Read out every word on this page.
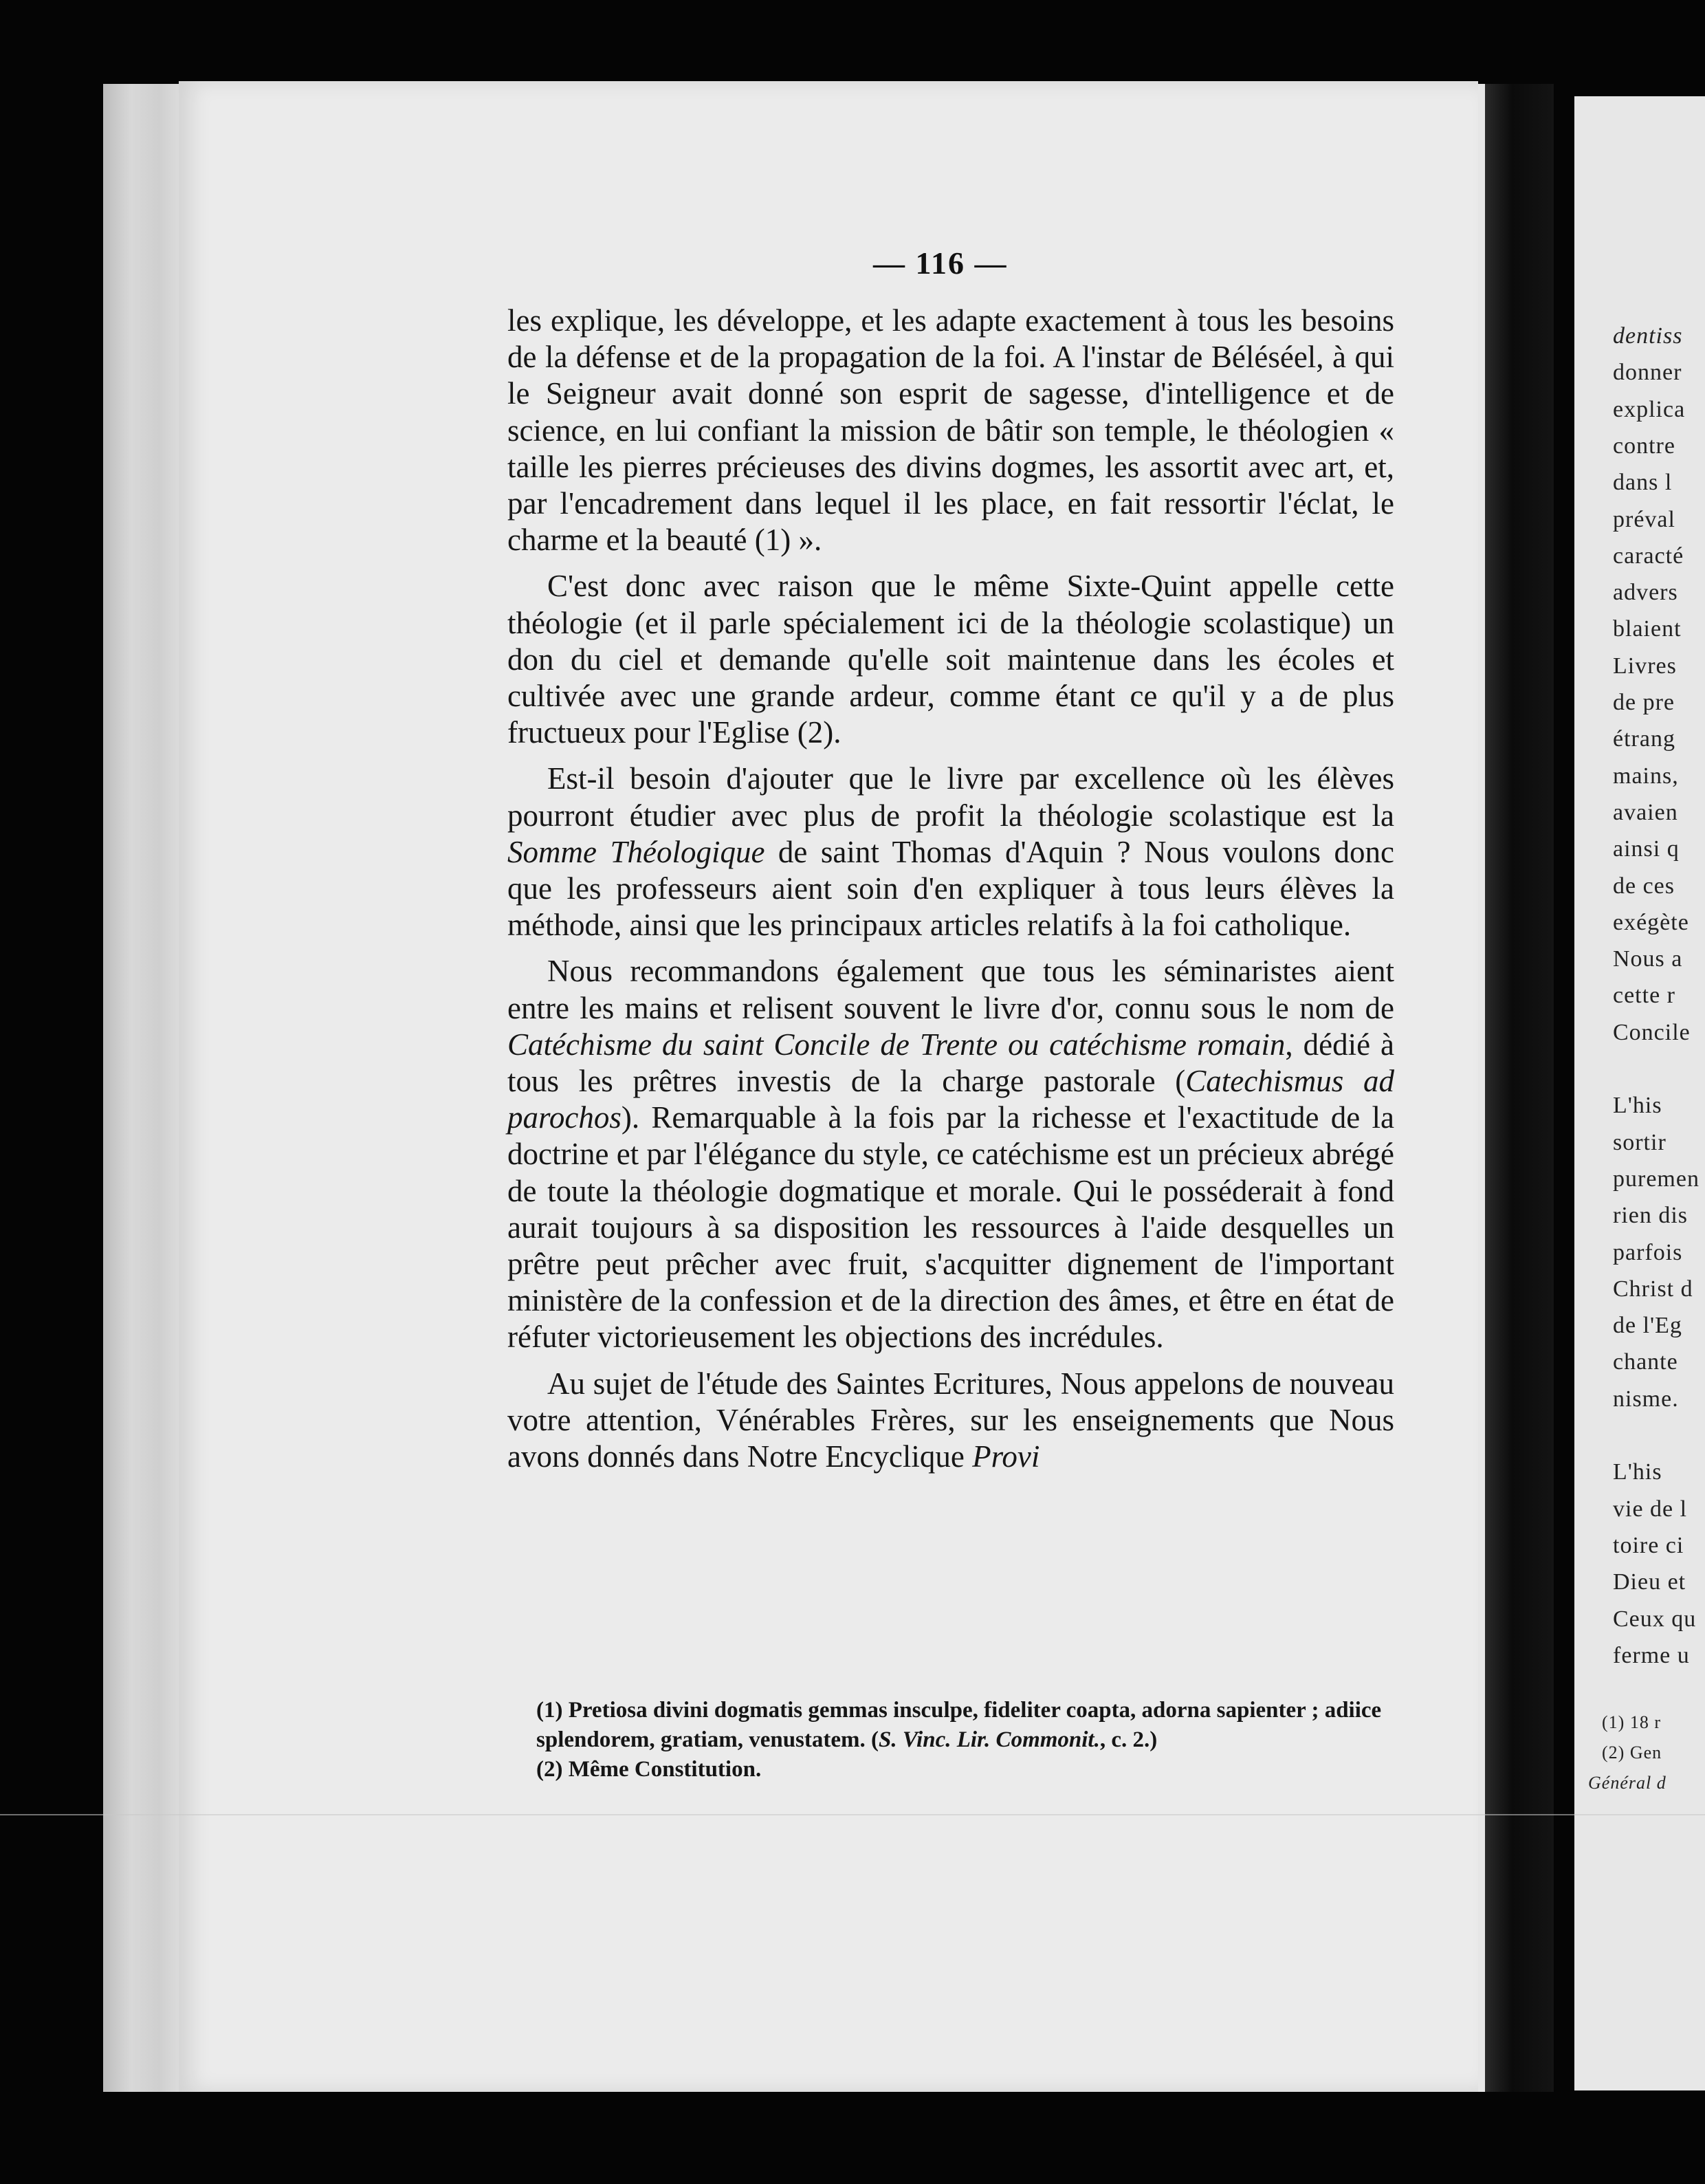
dentiss
donner
explica
contre
dans l
préval
caracté
advers
blaient
Livres
de pre
étrang
mains,
avaien
ainsi q
de ces
exégète
Nous a
cette r
Concile
L'his
sortir
puremen
rien dis
parfois
Christ d
de l'Eg
chante
nisme.
L'his
vie de l
toire ci
Dieu et
Ceux qu
ferme u
(1) 18 r
(2) Gen
Général d
— 116 —

les explique, les développe, et les adapte exactement à tous les besoins de la défense et de la propagation de la foi. A l'instar de Béléséel, à qui le Seigneur avait donné son esprit de sagesse, d'intelligence et de science, en lui confiant la mission de bâtir son temple, le théologien « taille les pierres précieuses des divins dogmes, les assortit avec art, et, par l'encadrement dans lequel il les place, en fait ressortir l'éclat, le charme et la beauté (1) ».

C'est donc avec raison que le même Sixte-Quint appelle cette théologie (et il parle spécialement ici de la théologie scolastique) un don du ciel et demande qu'elle soit maintenue dans les écoles et cultivée avec une grande ardeur, comme étant ce qu'il y a de plus fructueux pour l'Eglise (2).

Est-il besoin d'ajouter que le livre par excellence où les élèves pourront étudier avec plus de profit la théologie scolastique est la Somme Théologique de saint Thomas d'Aquin ? Nous voulons donc que les professeurs aient soin d'en expliquer à tous leurs élèves la méthode, ainsi que les principaux articles relatifs à la foi catholique.

Nous recommandons également que tous les séminaristes aient entre les mains et relisent souvent le livre d'or, connu sous le nom de Catéchisme du saint Concile de Trente ou catéchisme romain, dédié à tous les prêtres investis de la charge pastorale (Catechismus ad parochos). Remarquable à la fois par la richesse et l'exactitude de la doctrine et par l'élégance du style, ce catéchisme est un précieux abrégé de toute la théologie dogmatique et morale. Qui le posséderait à fond aurait toujours à sa disposition les ressources à l'aide desquelles un prêtre peut prêcher avec fruit, s'acquitter dignement de l'important ministère de la confession et de la direction des âmes, et être en état de réfuter victorieusement les objections des incrédules.

Au sujet de l'étude des Saintes Ecritures, Nous appelons de nouveau votre attention, Vénérables Frères, sur les enseignements que Nous avons donnés dans Notre Encyclique Provi

(1) Pretiosa divini dogmatis gemmas insculpe, fideliter coapta, adorna sapienter ; adiice splendorem, gratiam, venustatem. (S. Vinc. Lir. Commonit., c. 2.)

(2) Même Constitution.
